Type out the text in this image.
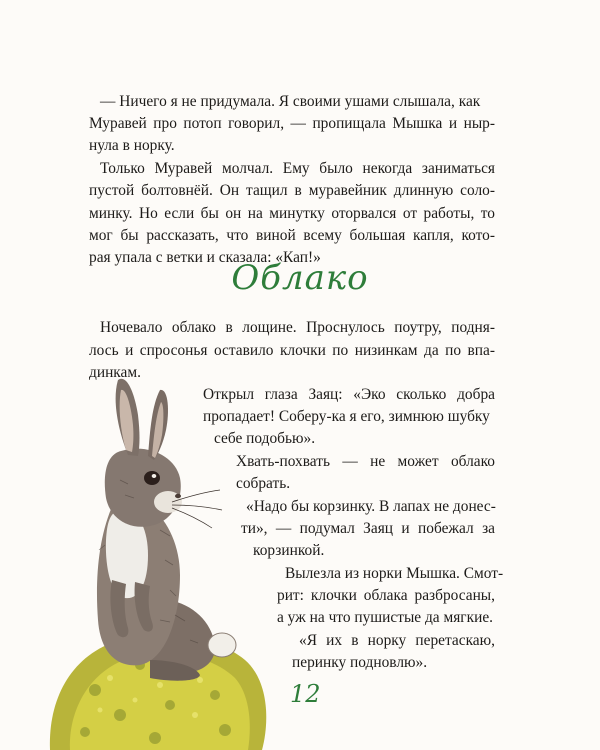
— Ничего я не придумала. Я своими ушами слышала, как
Муравей про потоп говорил, — пропищала Мышка и ныр-
нула в норку.
Только Муравей молчал. Ему было некогда заниматься
пустой болтовнёй. Он тащил в муравейник длинную соло-
минку. Но если бы он на минутку оторвался от работы, то
мог бы рассказать, что виной всему большая капля, кото-
рая упала с ветки и сказала: «Кап!»
Облако
Ночевало облако в лощине. Проснулось поутру, подня-
лось и спросонья оставило клочки по низинкам да по впа-
динкам.
Открыл глаза Заяц: «Эко сколько добра
пропадает! Соберу-ка я его, зимнюю шубку
себе подобью».
Хвать-похвать — не может облако
собрать.
«Надо бы корзинку. В лапах не донес-
ти», — подумал Заяц и побежал за
корзинкой.
Вылезла из норки Мышка. Смот-
рит: клочки облака разбросаны,
а уж на что пушистые да мягкие.
«Я их в норку перетаскаю,
перинку подновлю».
12
